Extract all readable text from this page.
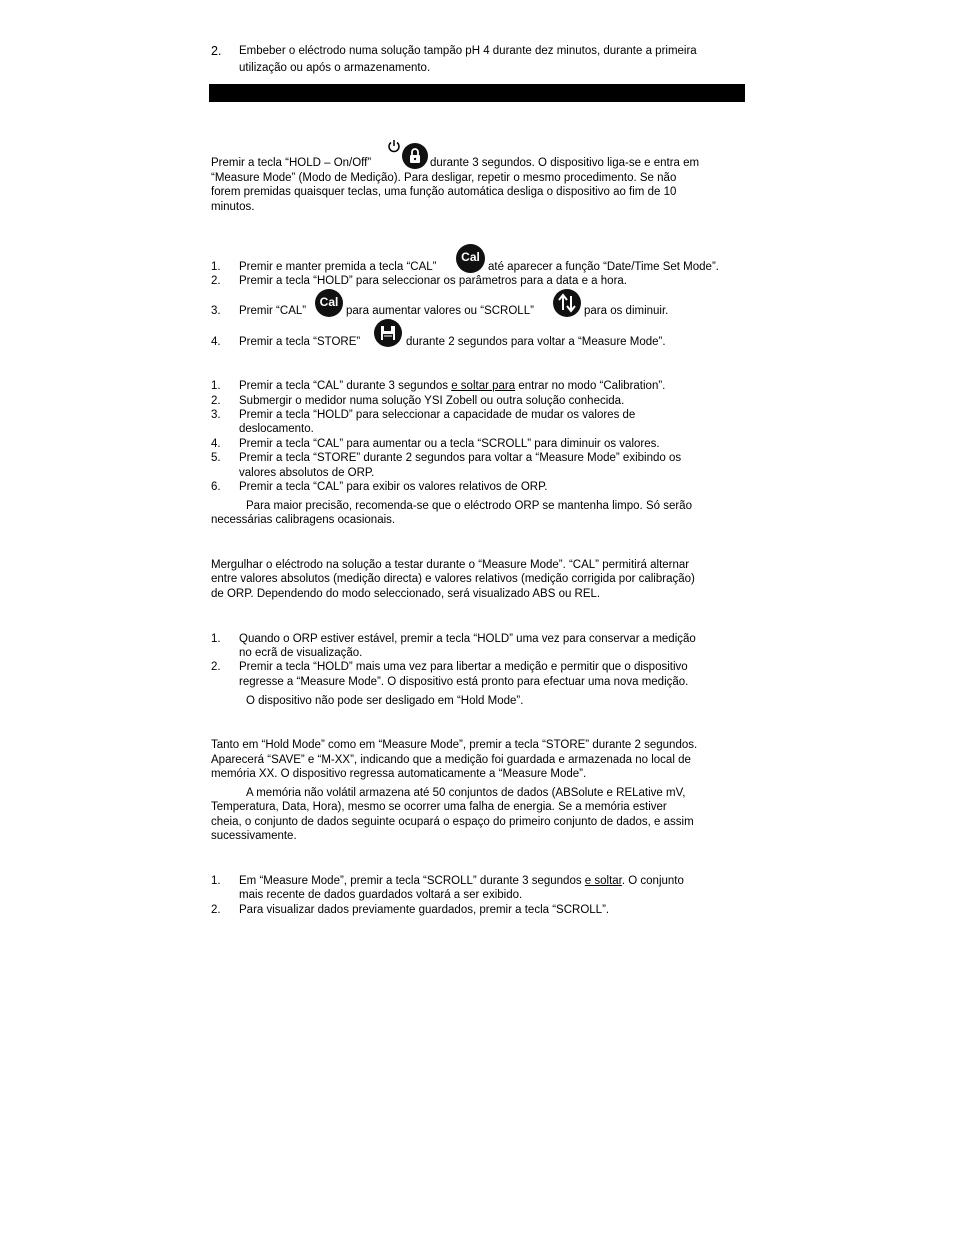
2. Embeber o eléctrodo numa solução tampão pH 4 durante dez minutos, durante a primeira
utilização ou após o armazenamento.
Premir a tecla “HOLD – On/Off”	durante 3 segundos. O dispositivo liga-se e entra em
“Measure Mode” (Modo de Medição). Para desligar, repetir o mesmo procedimento. Se não
forem premidas quaisquer teclas, uma função automática desliga o dispositivo ao fim de 10
minutos.
1. Premir e manter premida a tecla “CAL”
Cal
até aparecer a função “Date/Time Set Mode”.
2. Premir a tecla “HOLD” para seleccionar os parâmetros para a data e a hora.
3. Premir “CAL”
Cal
para aumentar valores ou “SCROLL”	para os diminuir.
4. Premir a tecla “STORE”	durante 2 segundos para voltar a “Measure Mode”.
1. Premir a tecla “CAL” durante 3 segundos e soltar para entrar no modo “Calibration”.
2. Submergir o medidor numa solução YSI Zobell ou outra solução conhecida.
3. Premir a tecla “HOLD” para seleccionar a capacidade de mudar os valores de
deslocamento.
4. Premir a tecla “CAL” para aumentar ou a tecla “SCROLL” para diminuir os valores.
5. Premir a tecla “STORE” durante 2 segundos para voltar a “Measure Mode” exibindo os
valores absolutos de ORP.
6. Premir a tecla “CAL” para exibir os valores relativos de ORP.
Para maior precisão, recomenda-se que o eléctrodo ORP se mantenha limpo. Só serão
necessárias calibragens ocasionais.
Mergulhar o eléctrodo na solução a testar durante o “Measure Mode”. “CAL” permitirá alternar
entre valores absolutos (medição directa) e valores relativos (medição corrigida por calibração)
de ORP. Dependendo do modo seleccionado, será visualizado ABS ou REL.
1. Quando o ORP estiver estável, premir a tecla “HOLD” uma vez para conservar a medição
no ecrã de visualização.
2. Premir a tecla “HOLD” mais uma vez para libertar a medição e permitir que o dispositivo
regresse a “Measure Mode”. O dispositivo está pronto para efectuar uma nova medição.
O dispositivo não pode ser desligado em “Hold Mode”.
Tanto em “Hold Mode” como em “Measure Mode”, premir a tecla “STORE” durante 2 segundos.
Aparecerá “SAVE” e “M-XX”, indicando que a medição foi guardada e armazenada no local de
memória XX. O dispositivo regressa automaticamente a “Measure Mode”.
A memória não volátil armazena até 50 conjuntos de dados (ABSolute e RELative mV,
Temperatura, Data, Hora), mesmo se ocorrer uma falha de energia. Se a memória estiver
cheia, o conjunto de dados seguinte ocupará o espaço do primeiro conjunto de dados, e assim
sucessivamente.
1. Em “Measure Mode”, premir a tecla “SCROLL” durante 3 segundos e soltar. O conjunto
mais recente de dados guardados voltará a ser exibido.
2. Para visualizar dados previamente guardados, premir a tecla “SCROLL”.
